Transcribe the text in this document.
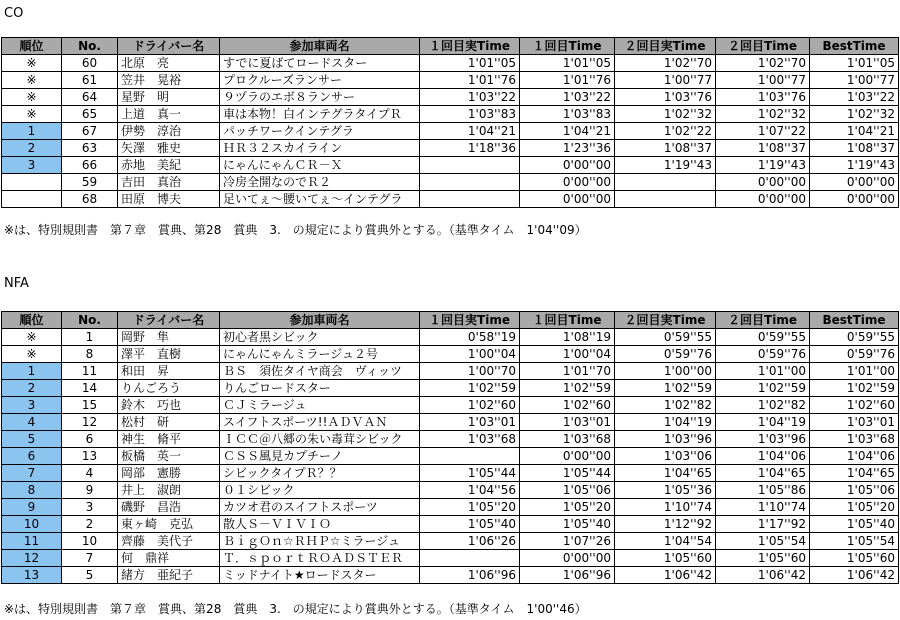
CO
順位	No.	ドライバー名	参加車両名	１回目実Time	１回目Time	２回目実Time	２回目Time	BestTime
※	60	北原　亮	すでに夏ばてロードスター	1'01''05	1'01''05	1'02''70	1'02''70	1'01''05
※	61	笠井　晃裕	プロクルーズランサー	1'01''76	1'01''76	1'00''77	1'00''77	1'00''77
※	64	星野　明	９ヅラのエボ８ランサー	1'03''22	1'03''22	1'03''76	1'03''76	1'03''22
※	65	上道　真一	車は本物！白インテグラタイプＲ	1'03''83	1'03''83	1'02''32	1'02''32	1'02''32
1	67	伊勢　淳治	パッチワークインテグラ	1'04''21	1'04''21	1'02''22	1'07''22	1'04''21
2	63	矢澤　雅史	ＨＲ３２スカイライン	1'18''36	1'23''36	1'08''37	1'08''37	1'08''37
3	66	赤地　美紀	にゃんにゃんＣＲ－Ｘ		0'00''00	1'19''43	1'19''43	1'19''43
	59	吉田　真治	冷房全開なのでＲ２		0'00''00		0'00''00	0'00''00
	68	田原　博夫	足いてぇ～腰いてぇ～インテグラ		0'00''00		0'00''00	0'00''00
※は、特別規則書　第７章　賞典、第28　賞典　3.　の規定により賞典外とする。（基準タイム　1'04''09）
NFA
順位	No.	ドライバー名	参加車両名	１回目実Time	１回目Time	２回目実Time	２回目Time	BestTime
※	1	岡野　隼	初心者黒シビック	0'58''19	1'08''19	0'59''55	0'59''55	0'59''55
※	8	澤平　直樹	にゃんにゃんミラージュ２号	1'00''04	1'00''04	0'59''76	0'59''76	0'59''76
1	11	和田　昇	ＢＳ　須佐タイヤ商会　ヴィッツ	1'00''70	1'01''70	1'00''00	1'01''00	1'01''00
2	14	りんごろう	りんごロードスター	1'02''59	1'02''59	1'02''59	1'02''59	1'02''59
3	15	鈴木　巧也	ＣＪミラージュ	1'02''60	1'02''60	1'02''82	1'02''82	1'02''60
4	12	松村　研	スイフトスポーツ!!ＡＤＶＡＮ	1'03''01	1'03''01	1'04''19	1'04''19	1'03''01
5	6	神生　脩平	ＩＣＣ＠八郷の朱い毒茸シビック	1'03''68	1'03''68	1'03''96	1'03''96	1'03''68
6	13	板橋　英一	ＣＳＳ風見カプチーノ		0'00''00	1'03''06	1'04''06	1'04''06
7	4	岡部　憲勝	シビックタイプＲ？？	1'05''44	1'05''44	1'04''65	1'04''65	1'04''65
8	9	井上　淑朗	０１シビック	1'04''56	1'05''06	1'05''36	1'05''86	1'05''06
9	3	磯野　昌浩	カツオ君のスイフトスポーツ	1'05''20	1'05''20	1'10''74	1'10''74	1'05''20
10	2	東ヶ崎　克弘	散人Ｓ－ＶＩＶＩＯ	1'05''40	1'05''40	1'12''92	1'17''92	1'05''40
11	10	齊藤　美代子	ＢｉｇＯｎ☆ＲＨＰ☆ミラージュ	1'06''26	1'07''26	1'04''54	1'05''54	1'05''54
12	7	何　鼎祥	Ｔ．ｓｐｏｒｔＲＯＡＤＳＴＥＲ		0'00''00	1'05''60	1'05''60	1'05''60
13	5	緒方　亜紀子	ミッドナイト★ロードスター	1'06''96	1'06''96	1'06''42	1'06''42	1'06''42
※は、特別規則書　第７章　賞典、第28　賞典　3.　の規定により賞典外とする。（基準タイム　1'00''46）
